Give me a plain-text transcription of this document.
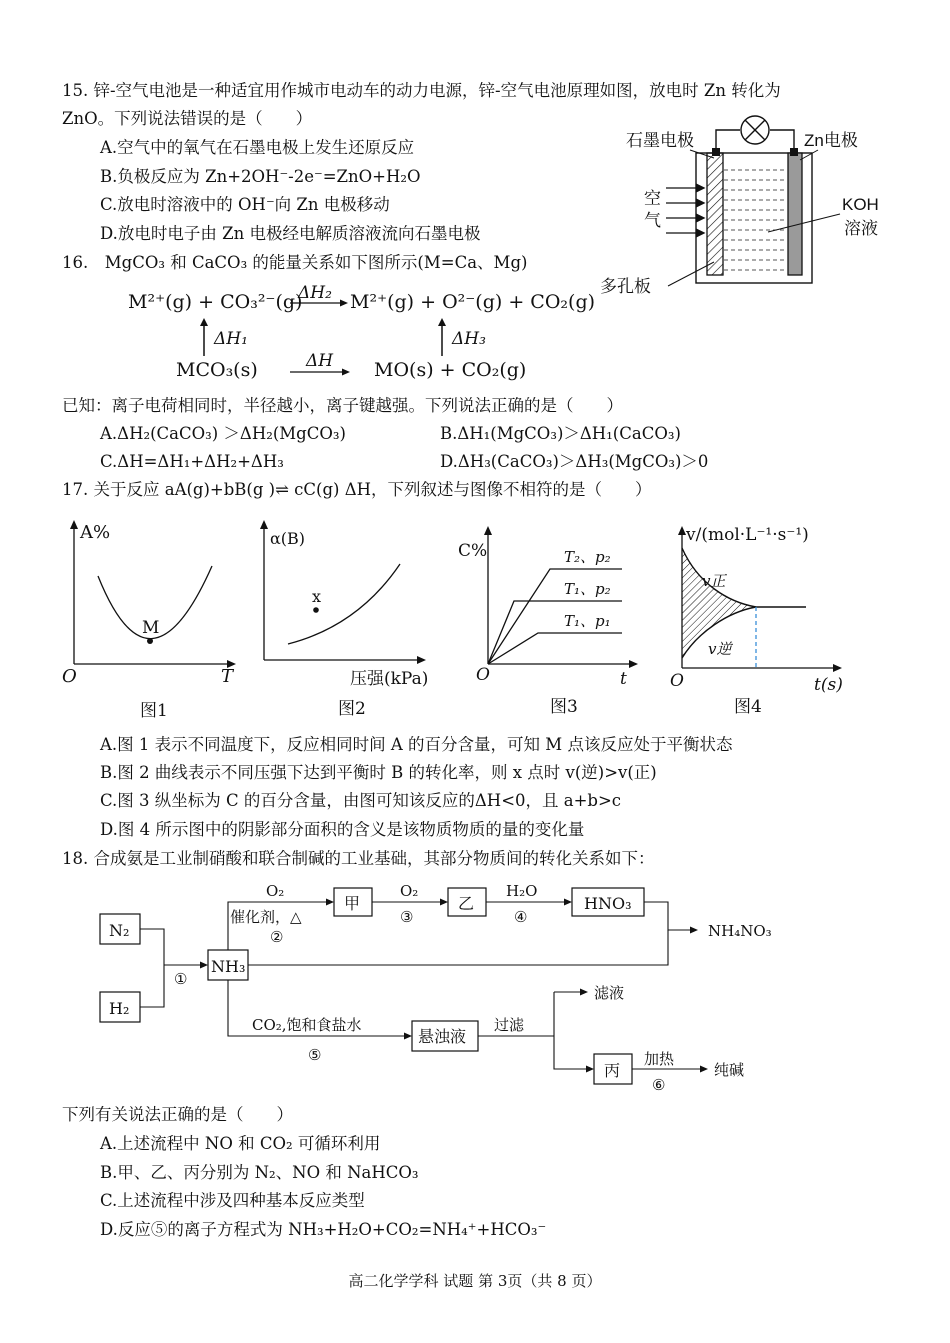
15. 锌-空气电池是一种适宜用作城市电动车的动力电源，锌-空气电池原理如图，放电时 Zn 转化为
ZnO。下列说法错误的是（　　）
A.空气中的氧气在石墨电极上发生还原反应
B.负极反应为 Zn+2OH⁻-2e⁻=ZnO+H₂O
C.放电时溶液中的 OH⁻向 Zn 电极移动
D.放电时电子由 Zn 电极经电解质溶液流向石墨电极
石墨电极	Zn电极
空
气
KOH
溶液
多孔板
16.　MgCO₃ 和 CaCO₃ 的能量关系如下图所示(M=Ca、Mg)
M²⁺(g) + CO₃²⁻(g)
ΔH₂ M²⁺(g) + O²⁻(g) + CO₂(g)
ΔH₁	ΔH₃
MCO₃(s)	ΔH MO(s) + CO₂(g)
已知：离子电荷相同时，半径越小，离子键越强。下列说法正确的是（　　）
A.ΔH₂(CaCO₃) ＞ΔH₂(MgCO₃)	B.ΔH₁(MgCO₃)＞ΔH₁(CaCO₃)
C.ΔH=ΔH₁+ΔH₂+ΔH₃	D.ΔH₃(CaCO₃)＞ΔH₃(MgCO₃)＞0
17. 关于反应 aA(g)+bB(g )⇌ cC(g) ΔH，下列叙述与图像不相符的是（　　）
A%
T
O
M
图1
α(B)
压强(kPa)
x
图2
C%
t
O
T₂、p₂
T₁、p₂
T₁、p₁
图3
v/(mol·L⁻¹·s⁻¹)
t(s)
O
v正
v逆
图4
A.图 1 表示不同温度下，反应相同时间 A 的百分含量，可知 M 点该反应处于平衡状态
B.图 2 曲线表示不同压强下达到平衡时 B 的转化率，则 x 点时 v(逆)>v(正)
C.图 3 纵坐标为 C 的百分含量，由图可知该反应的ΔH<0，且 a+b>c
D.图 4 所示图中的阴影部分面积的含义是该物质物质的量的变化量
18. 合成氨是工业制硝酸和联合制碱的工业基础，其部分物质间的转化关系如下：
N₂
H₂
NH₃
甲	乙	HNO₃
悬浊液
丙
O₂
催化剂，△
②
O₂
③
H₂O
④
NH₄NO₃
①
CO₂,饱和食盐水
⑤
过滤
滤液
加热
⑥
纯碱
下列有关说法正确的是（　　）
A.上述流程中 NO 和 CO₂ 可循环利用
B.甲、乙、丙分别为 N₂、NO 和 NaHCO₃
C.上述流程中涉及四种基本反应类型
D.反应⑤的离子方程式为 NH₃+H₂O+CO₂=NH₄⁺+HCO₃⁻
高二化学学科 试题 第 3页（共 8 页）
